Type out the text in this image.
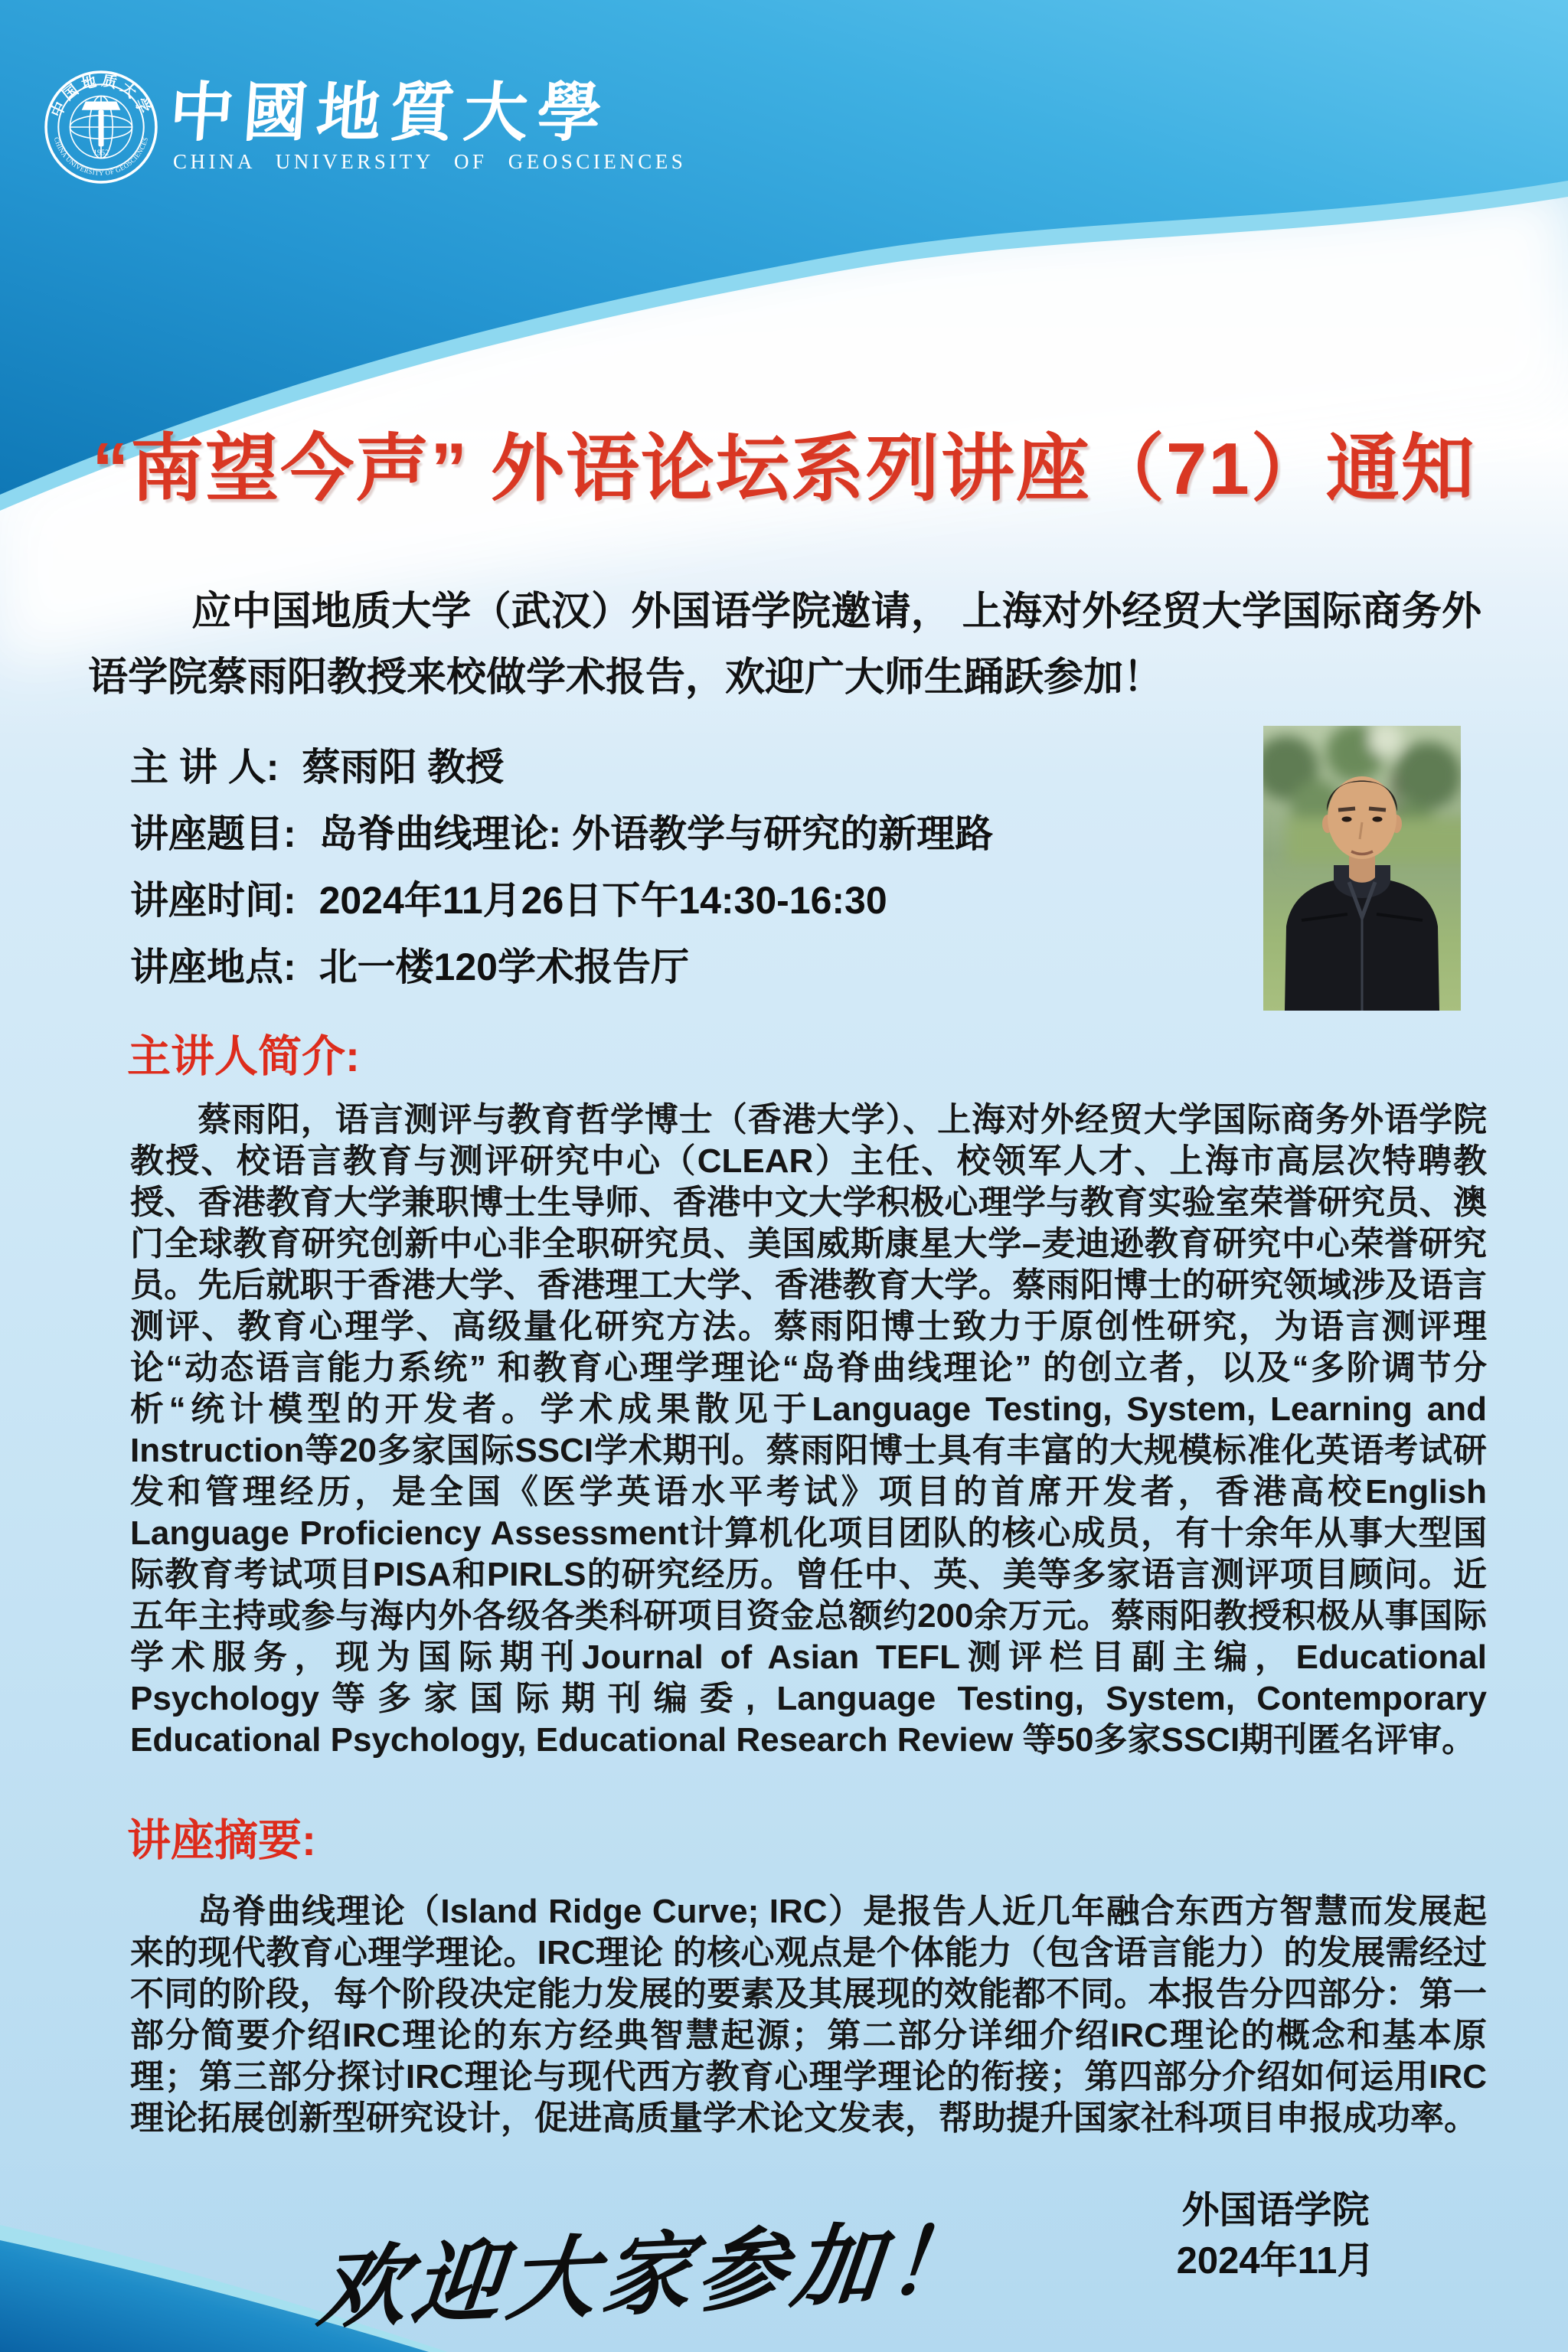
中国地质大学
CHINA UNIVERSITY OF GEOSCIENCES
1952
中國地質大學
CHINA UNIVERSITY OF GEOSCIENCES
“南望今声” 外语论坛系列讲座（71）通知
应中国地质大学（武汉）外国语学院邀请， 上海对外经贸大学国际商务外语学院蔡雨阳教授来校做学术报告，欢迎广大师生踊跃参加！
主 讲 人: 蔡雨阳 教授
讲座题目: 岛脊曲线理论: 外语教学与研究的新理路
讲座时间: 2024年11月26日下午14:30-16:30
讲座地点: 北一楼120学术报告厅
主讲人简介:
蔡雨阳，语言测评与教育哲学博士（香港大学）、上海对外经贸大学国际商务外语学院教授、校语言教育与测评研究中心（CLEAR）主任、校领军人才、上海市高层次特聘教授、香港教育大学兼职博士生导师、香港中文大学积极心理学与教育实验室荣誉研究员、澳门全球教育研究创新中心非全职研究员、美国威斯康星大学–麦迪逊教育研究中心荣誉研究员。先后就职于香港大学、香港理工大学、香港教育大学。蔡雨阳博士的研究领域涉及语言测评、教育心理学、高级量化研究方法。蔡雨阳博士致力于原创性研究，为语言测评理论“动态语言能力系统” 和教育心理学理论“岛脊曲线理论” 的创立者，以及“多阶调节分析“统计模型的开发者。学术成果散见于Language Testing, System, Learning and Instruction等20多家国际SSCI学术期刊。蔡雨阳博士具有丰富的大规模标准化英语考试研发和管理经历，是全国《医学英语水平考试》项目的首席开发者，香港高校English Language Proficiency Assessment计算机化项目团队的核心成员，有十余年从事大型国际教育考试项目PISA和PIRLS的研究经历。曾任中、英、美等多家语言测评项目顾问。近五年主持或参与海内外各级各类科研项目资金总额约200余万元。蔡雨阳教授积极从事国际学术服务，现为国际期刊Journal of Asian TEFL测评栏目副主编，Educational Psychology等多家国际期刊编委, Language Testing, System, Contemporary Educational Psychology, Educational Research Review 等50多家SSCI期刊匿名评审。
讲座摘要:
岛脊曲线理论（Island Ridge Curve; IRC）是报告人近几年融合东西方智慧而发展起来的现代教育心理学理论。IRC理论 的核心观点是个体能力（包含语言能力）的发展需经过不同的阶段，每个阶段决定能力发展的要素及其展现的效能都不同。本报告分四部分：第一部分简要介绍IRC理论的东方经典智慧起源；第二部分详细介绍IRC理论的概念和基本原理；第三部分探讨IRC理论与现代西方教育心理学理论的衔接；第四部分介绍如何运用IRC理论拓展创新型研究设计，促进高质量学术论文发表，帮助提升国家社科项目申报成功率。
欢迎大家参加！	外国语学院
2024年11月
